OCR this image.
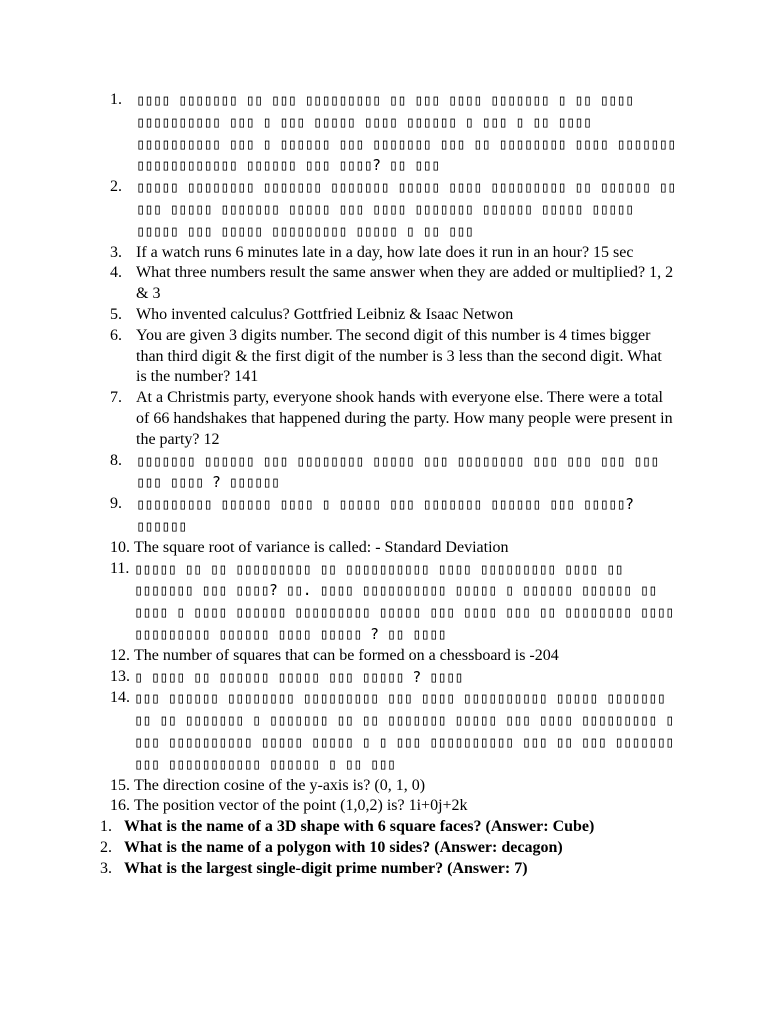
1. ▯▯▯▯ ▯▯▯▯▯▯▯ ▯▯ ▯▯▯ ▯▯▯▯▯▯▯▯▯ ▯▯ ▯▯▯ ▯▯▯▯ ▯▯▯▯▯▯▯ ▯ ▯▯ ▯▯▯▯ ▯▯▯▯▯▯▯▯▯▯ ▯▯▯ ▯ ▯▯▯ ▯▯▯▯▯ ▯▯▯▯ ▯▯▯▯▯▯ ▯ ▯▯▯ ▯ ▯▯ ▯▯▯▯ ▯▯▯▯▯▯▯▯▯▯ ▯▯▯ ▯ ▯▯▯▯▯▯ ▯▯▯ ▯▯▯▯▯▯▯ ▯▯▯ ▯▯ ▯▯▯▯▯▯▯▯ ▯▯▯▯ ▯▯▯▯▯▯▯ ▯▯▯▯▯▯▯▯▯▯▯▯ ▯▯▯▯▯▯ ▯▯▯ ▯▯▯▯? ▯▯ ▯▯▯
2. ▯▯▯▯▯ ▯▯▯▯▯▯▯▯ ▯▯▯▯▯▯▯ ▯▯▯▯▯▯▯ ▯▯▯▯▯ ▯▯▯▯ ▯▯▯▯▯▯▯▯▯ ▯▯ ▯▯▯▯▯▯ ▯▯ ▯▯▯ ▯▯▯▯▯ ▯▯▯▯▯▯▯ ▯▯▯▯▯ ▯▯▯ ▯▯▯▯ ▯▯▯▯▯▯▯ ▯▯▯▯▯▯ ▯▯▯▯▯ ▯▯▯▯▯ ▯▯▯▯▯ ▯▯▯ ▯▯▯▯▯ ▯▯▯▯▯▯▯▯▯ ▯▯▯▯▯ ▯ ▯▯ ▯▯▯
3. If a watch runs 6 minutes late in a day, how late does it run in an hour? 15 sec
4. What three numbers result the same answer when they are added or multiplied? 1, 2 & 3
5. Who invented calculus? Gottfried Leibniz & Isaac Netwon
6. You are given 3 digits number. The second digit of this number is 4 times bigger than third digit & the first digit of the number is 3 less than the second digit. What is the number? 141
7. At a Christmis party, everyone shook hands with everyone else. There were a total of 66 handshakes that happened during the party. How many people were present in the party? 12
8. ▯▯▯▯▯▯▯ ▯▯▯▯▯▯ ▯▯▯ ▯▯▯▯▯▯▯▯ ▯▯▯▯▯ ▯▯▯ ▯▯▯▯▯▯▯▯ ▯▯▯ ▯▯▯ ▯▯▯ ▯▯▯ ▯▯▯ ▯▯▯▯ ? ▯▯▯▯▯▯
9. ▯▯▯▯▯▯▯▯▯ ▯▯▯▯▯▯ ▯▯▯▯ ▯ ▯▯▯▯▯ ▯▯▯ ▯▯▯▯▯▯▯ ▯▯▯▯▯▯ ▯▯▯ ▯▯▯▯▯? ▯▯▯▯▯▯
10. The square root of variance is called: - Standard Deviation
11. ▯▯▯▯▯ ▯▯ ▯▯ ▯▯▯▯▯▯▯▯▯ ▯▯ ▯▯▯▯▯▯▯▯▯▯ ▯▯▯▯ ▯▯▯▯▯▯▯▯▯ ▯▯▯▯ ▯▯ ▯▯▯▯▯▯▯ ▯▯▯ ▯▯▯▯? ▯▯. ▯▯▯▯ ▯▯▯▯▯▯▯▯▯▯ ▯▯▯▯▯ ▯ ▯▯▯▯▯▯ ▯▯▯▯▯▯ ▯▯ ▯▯▯▯ ▯ ▯▯▯▯ ▯▯▯▯▯▯ ▯▯▯▯▯▯▯▯▯ ▯▯▯▯▯ ▯▯▯ ▯▯▯▯ ▯▯▯ ▯▯ ▯▯▯▯▯▯▯▯ ▯▯▯▯ ▯▯▯▯▯▯▯▯▯ ▯▯▯▯▯▯ ▯▯▯▯ ▯▯▯▯▯ ? ▯▯ ▯▯▯▯
12. The number of squares that can be formed on a chessboard is -204
13. ▯ ▯▯▯▯ ▯▯ ▯▯▯▯▯▯ ▯▯▯▯▯ ▯▯▯ ▯▯▯▯▯ ? ▯▯▯▯
14. ▯▯▯ ▯▯▯▯▯▯ ▯▯▯▯▯▯▯▯ ▯▯▯▯▯▯▯▯▯ ▯▯▯ ▯▯▯▯ ▯▯▯▯▯▯▯▯▯▯ ▯▯▯▯▯ ▯▯▯▯▯▯▯ ▯▯ ▯▯ ▯▯▯▯▯▯▯ ▯ ▯▯▯▯▯▯▯ ▯▯ ▯▯ ▯▯▯▯▯▯▯ ▯▯▯▯▯ ▯▯▯ ▯▯▯▯ ▯▯▯▯▯▯▯▯▯ ▯ ▯▯▯ ▯▯▯▯▯▯▯▯▯▯ ▯▯▯▯▯ ▯▯▯▯▯ ▯ ▯ ▯▯▯ ▯▯▯▯▯▯▯▯▯▯ ▯▯▯ ▯▯ ▯▯▯ ▯▯▯▯▯▯▯ ▯▯▯ ▯▯▯▯▯▯▯▯▯▯▯ ▯▯▯▯▯▯ ▯ ▯▯ ▯▯▯
15. The direction cosine of the y-axis is? (0, 1, 0)
16. The position vector of the point (1,0,2) is? 1i+0j+2k
1. What is the name of a 3D shape with 6 square faces? (Answer: Cube)
2. What is the name of a polygon with 10 sides? (Answer: decagon)
3. What is the largest single-digit prime number? (Answer: 7)
